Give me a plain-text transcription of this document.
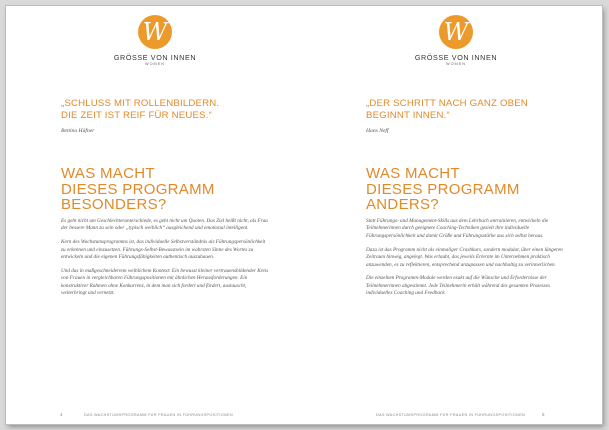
W
GRÖSSE VON INNEN
WOMEN
„SCHLUSS MIT ROLLENBILDERN.
DIE ZEIT IST REIF FÜR NEUES.“
Bettina Häfner
WAS MACHT
DIESES PROGRAMM
BESONDERS?

Es geht nicht um Geschlechterunterschiede, es geht nicht um Quoten. Das Ziel heißt nicht, als Frau der bessere Mann zu sein oder „typisch weiblich“ ausgleichend und emotional intelligent.

Kern des Wachstumsprogramms ist, das individuelle Selbstverständnis als Führungspersönlichkeit zu erkennen und einzusetzen. Führungs-Selbst-Bewusstsein im wahrsten Sinne des Wortes zu entwickeln und die eigenen Führungsfähigkeiten authentisch auszubauen.

Und das in maßgeschneidertem weiblichem Kontext: Ein bewusst kleiner vertrauensbildender Kreis von Frauen in vergleichbaren Führungspositionen mit ähnlichen Herausforderungen. Ein konstruktiver Rahmen ohne Konkurrenz, in dem man sich fordert und fördert, austauscht, weiterbringt und vernetzt.

4	DAS WACHSTUMSPROGRAMM FÜR FRAUEN IN FÜHRUNGSPOSITIONEN
W
GRÖSSE VON INNEN
WOMEN
„DER SCHRITT NACH GANZ OBEN
BEGINNT INNEN.“
Hans Neff
WAS MACHT
DIESES PROGRAMM
ANDERS?

Statt Führungs- und Management-Skills aus dem Lehrbuch antrainieren, entwickeln die Teilnehmerinnen durch geeignete Coaching-Techniken gezielt ihre individuelle Führungspersönlichkeit und damit Größe und Führungsstärke aus sich selbst heraus.

Dazu ist das Programm nicht als einmaliger Crashkurs, sondern modular, über einen längeren Zeitraum hinweg, angelegt. Was erlaubt, das jeweils Erlernte im Unternehmen praktisch anzuwenden, es zu reflektieren, entsprechend anzupassen und nachhaltig zu verinnerlichen.

Die einzelnen Programm-Module werden exakt auf die Wünsche und Erfordernisse der Teilnehmerinnen abgestimmt. Jede Teilnehmerin erhält während des gesamten Prozesses individuelles Coaching und Feedback.

DAS WACHSTUMSPROGRAMM FÜR FRAUEN IN FÜHRUNGSPOSITIONEN	5
